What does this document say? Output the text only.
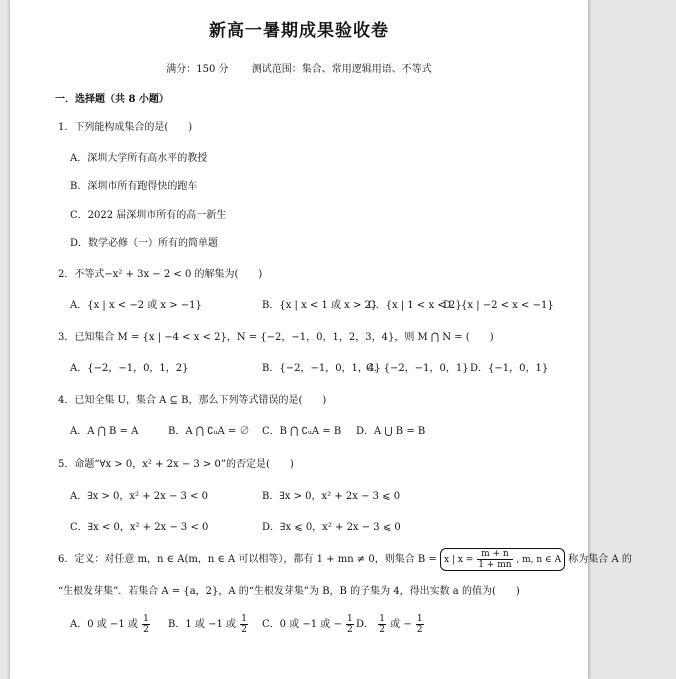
新高一暑期成果验收卷
满分：150 分 测试范围：集合、常用逻辑用语、不等式
一．选择题（共 8 小题）
1．下列能构成集合的是(　　)
A．深圳大学所有高水平的教授
B．深圳市所有跑得快的跑车
C．2022 届深圳市所有的高一新生
D．数学必修（一）所有的简单题
2．不等式−x² + 3x − 2 < 0 的解集为(　　)
A．{x | x < −2 或 x > −1}	B．{x | x < 1 或 x > 2}
C．{x | 1 < x < 2}
D．{x | −2 < x < −1}
3．已知集合 M = {x | −4 < x < 2}，N = {−2，−1，0，1，2，3，4}，则 M ⋂ N = (　　)
A．{−2，−1，0，1，2}	B．{−2，−1，0，1，4}
C．{−2，−1，0，1} D．{−1，0，1}
4．已知全集 U，集合 A ⊆ B，那么下列等式错误的是(　　)
A．A ⋂ B = A	B．A ⋂ ∁ᵤA = ∅ C．B ⋂ ∁ᵤA = B D．A ⋃ B = B
5．命题“∀x > 0，x² + 2x − 3 > 0”的否定是(　　)
A．∃x > 0，x² + 2x − 3 < 0	B．∃x > 0，x² + 2x − 3 ⩽ 0
C．∃x < 0，x² + 2x − 3 < 0	D．∃x ⩽ 0，x² + 2x − 3 ⩽ 0
6．定义：对任意 m，n ∈ A(m，n ∈ A 可以相等），都有 1 + mn ≠ 0，则集合 B = x | $x = \frac{m + n}{1 + mn}$ , m, n ∈ A 称为集合 A 的
“生根发芽集”．若集合 A = {a，2}，A 的“生根发芽集”为 B，B 的子集为 4，得出实数 a 的值为(　　)
A．0 或 −1 或 $\frac{1}{2}$ B．1 或 −1 或 $\frac{1}{2}$ C．0 或 −1 或 − $\frac{1}{2}$ D． $\frac{1}{2}$ 或 − $\frac{1}{2}$
